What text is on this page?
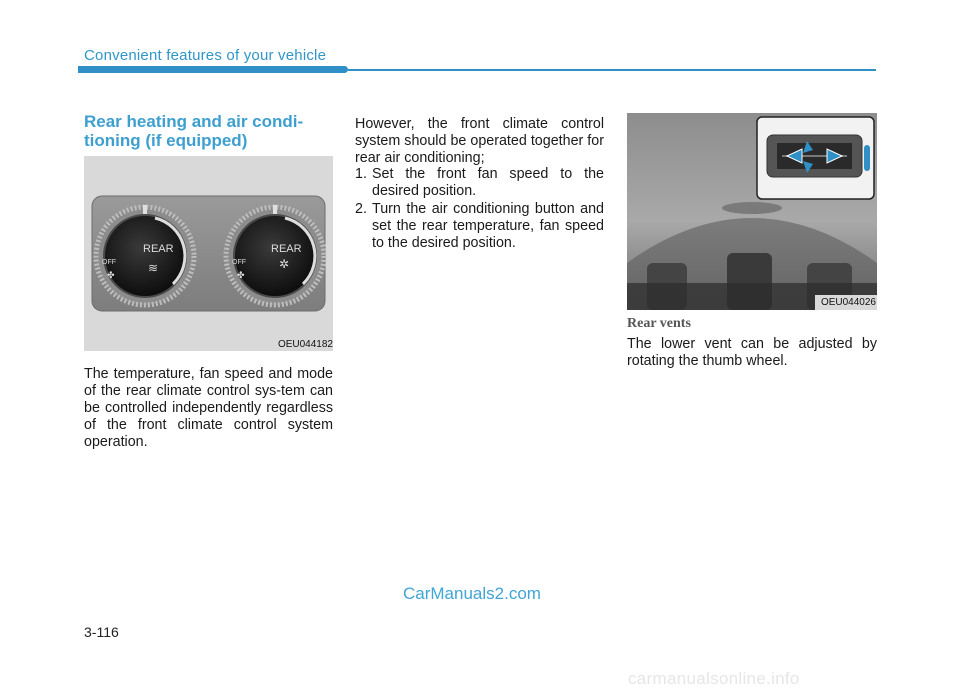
Convenient features of your vehicle
Rear heating and air condi-
tioning (if equipped)
REAR
OFF
✤
≋
REAR
OFF
✤
✲
OEU044182
The temperature, fan speed and mode of the rear climate control sys-tem can be controlled independently regardless of the front climate control system operation.
However, the front climate control system should be operated together for rear air conditioning;
1. Set the front fan speed to the desired position.
2. Turn the air conditioning button and set the rear temperature, fan speed to the desired position.
OEU044026
Rear vents
The lower vent can be adjusted by rotating the thumb wheel.
CarManuals2.com
3-116
carmanualsonline.info
